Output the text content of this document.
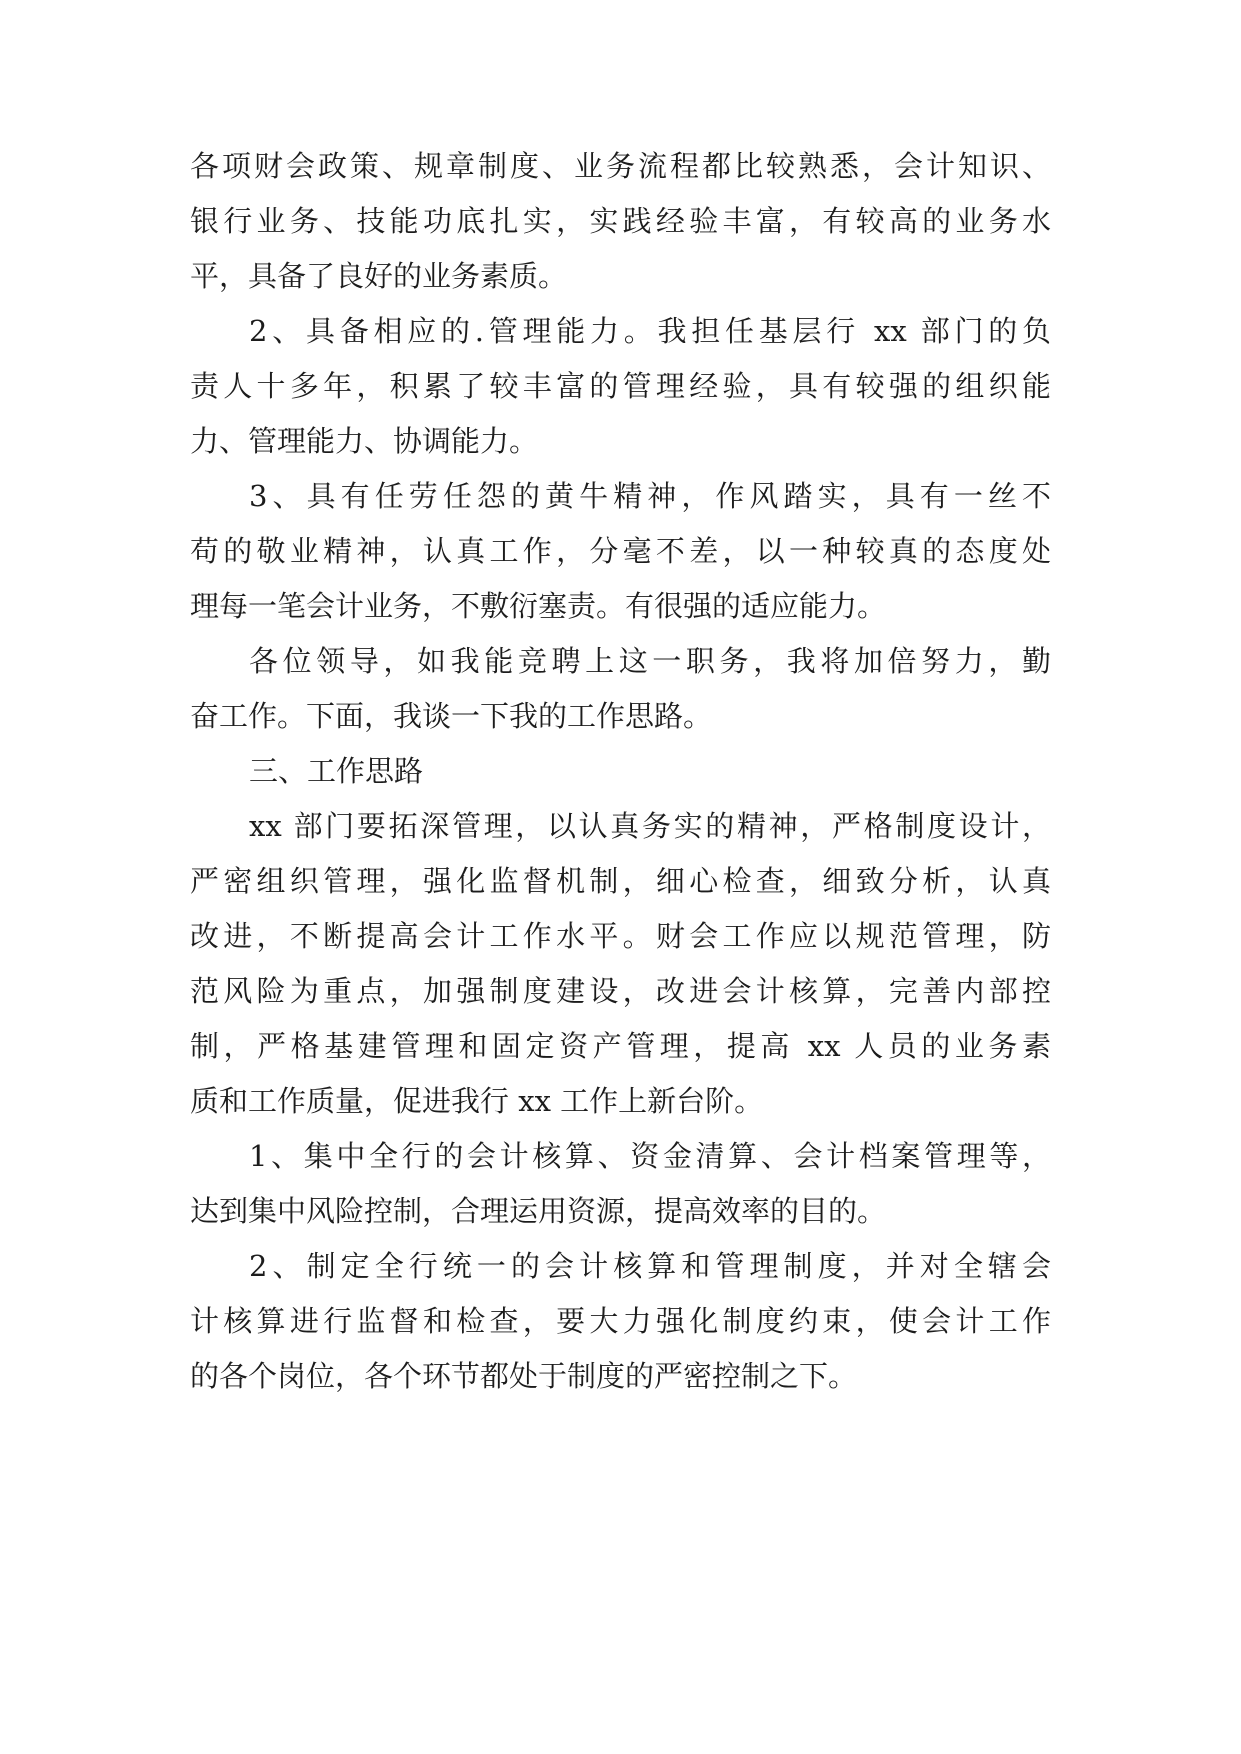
各项财会政策、规章制度、业务流程都比较熟悉，会计知识、
银行业务、技能功底扎实，实践经验丰富，有较高的业务水
平，具备了良好的业务素质。
2、具备相应的.管理能力。我担任基层行 xx 部门的负
责人十多年，积累了较丰富的管理经验，具有较强的组织能
力、管理能力、协调能力。
3、具有任劳任怨的黄牛精神，作风踏实，具有一丝不
苟的敬业精神，认真工作，分毫不差，以一种较真的态度处
理每一笔会计业务，不敷衍塞责。有很强的适应能力。
各位领导，如我能竞聘上这一职务，我将加倍努力，勤
奋工作。下面，我谈一下我的工作思路。
三、工作思路
xx 部门要拓深管理，以认真务实的精神，严格制度设计，
严密组织管理，强化监督机制，细心检查，细致分析，认真
改进，不断提高会计工作水平。财会工作应以规范管理，防
范风险为重点，加强制度建设，改进会计核算，完善内部控
制，严格基建管理和固定资产管理，提高 xx 人员的业务素
质和工作质量，促进我行 xx 工作上新台阶。
1、集中全行的会计核算、资金清算、会计档案管理等，
达到集中风险控制，合理运用资源，提高效率的目的。
2、制定全行统一的会计核算和管理制度，并对全辖会
计核算进行监督和检查，要大力强化制度约束，使会计工作
的各个岗位，各个环节都处于制度的严密控制之下。
